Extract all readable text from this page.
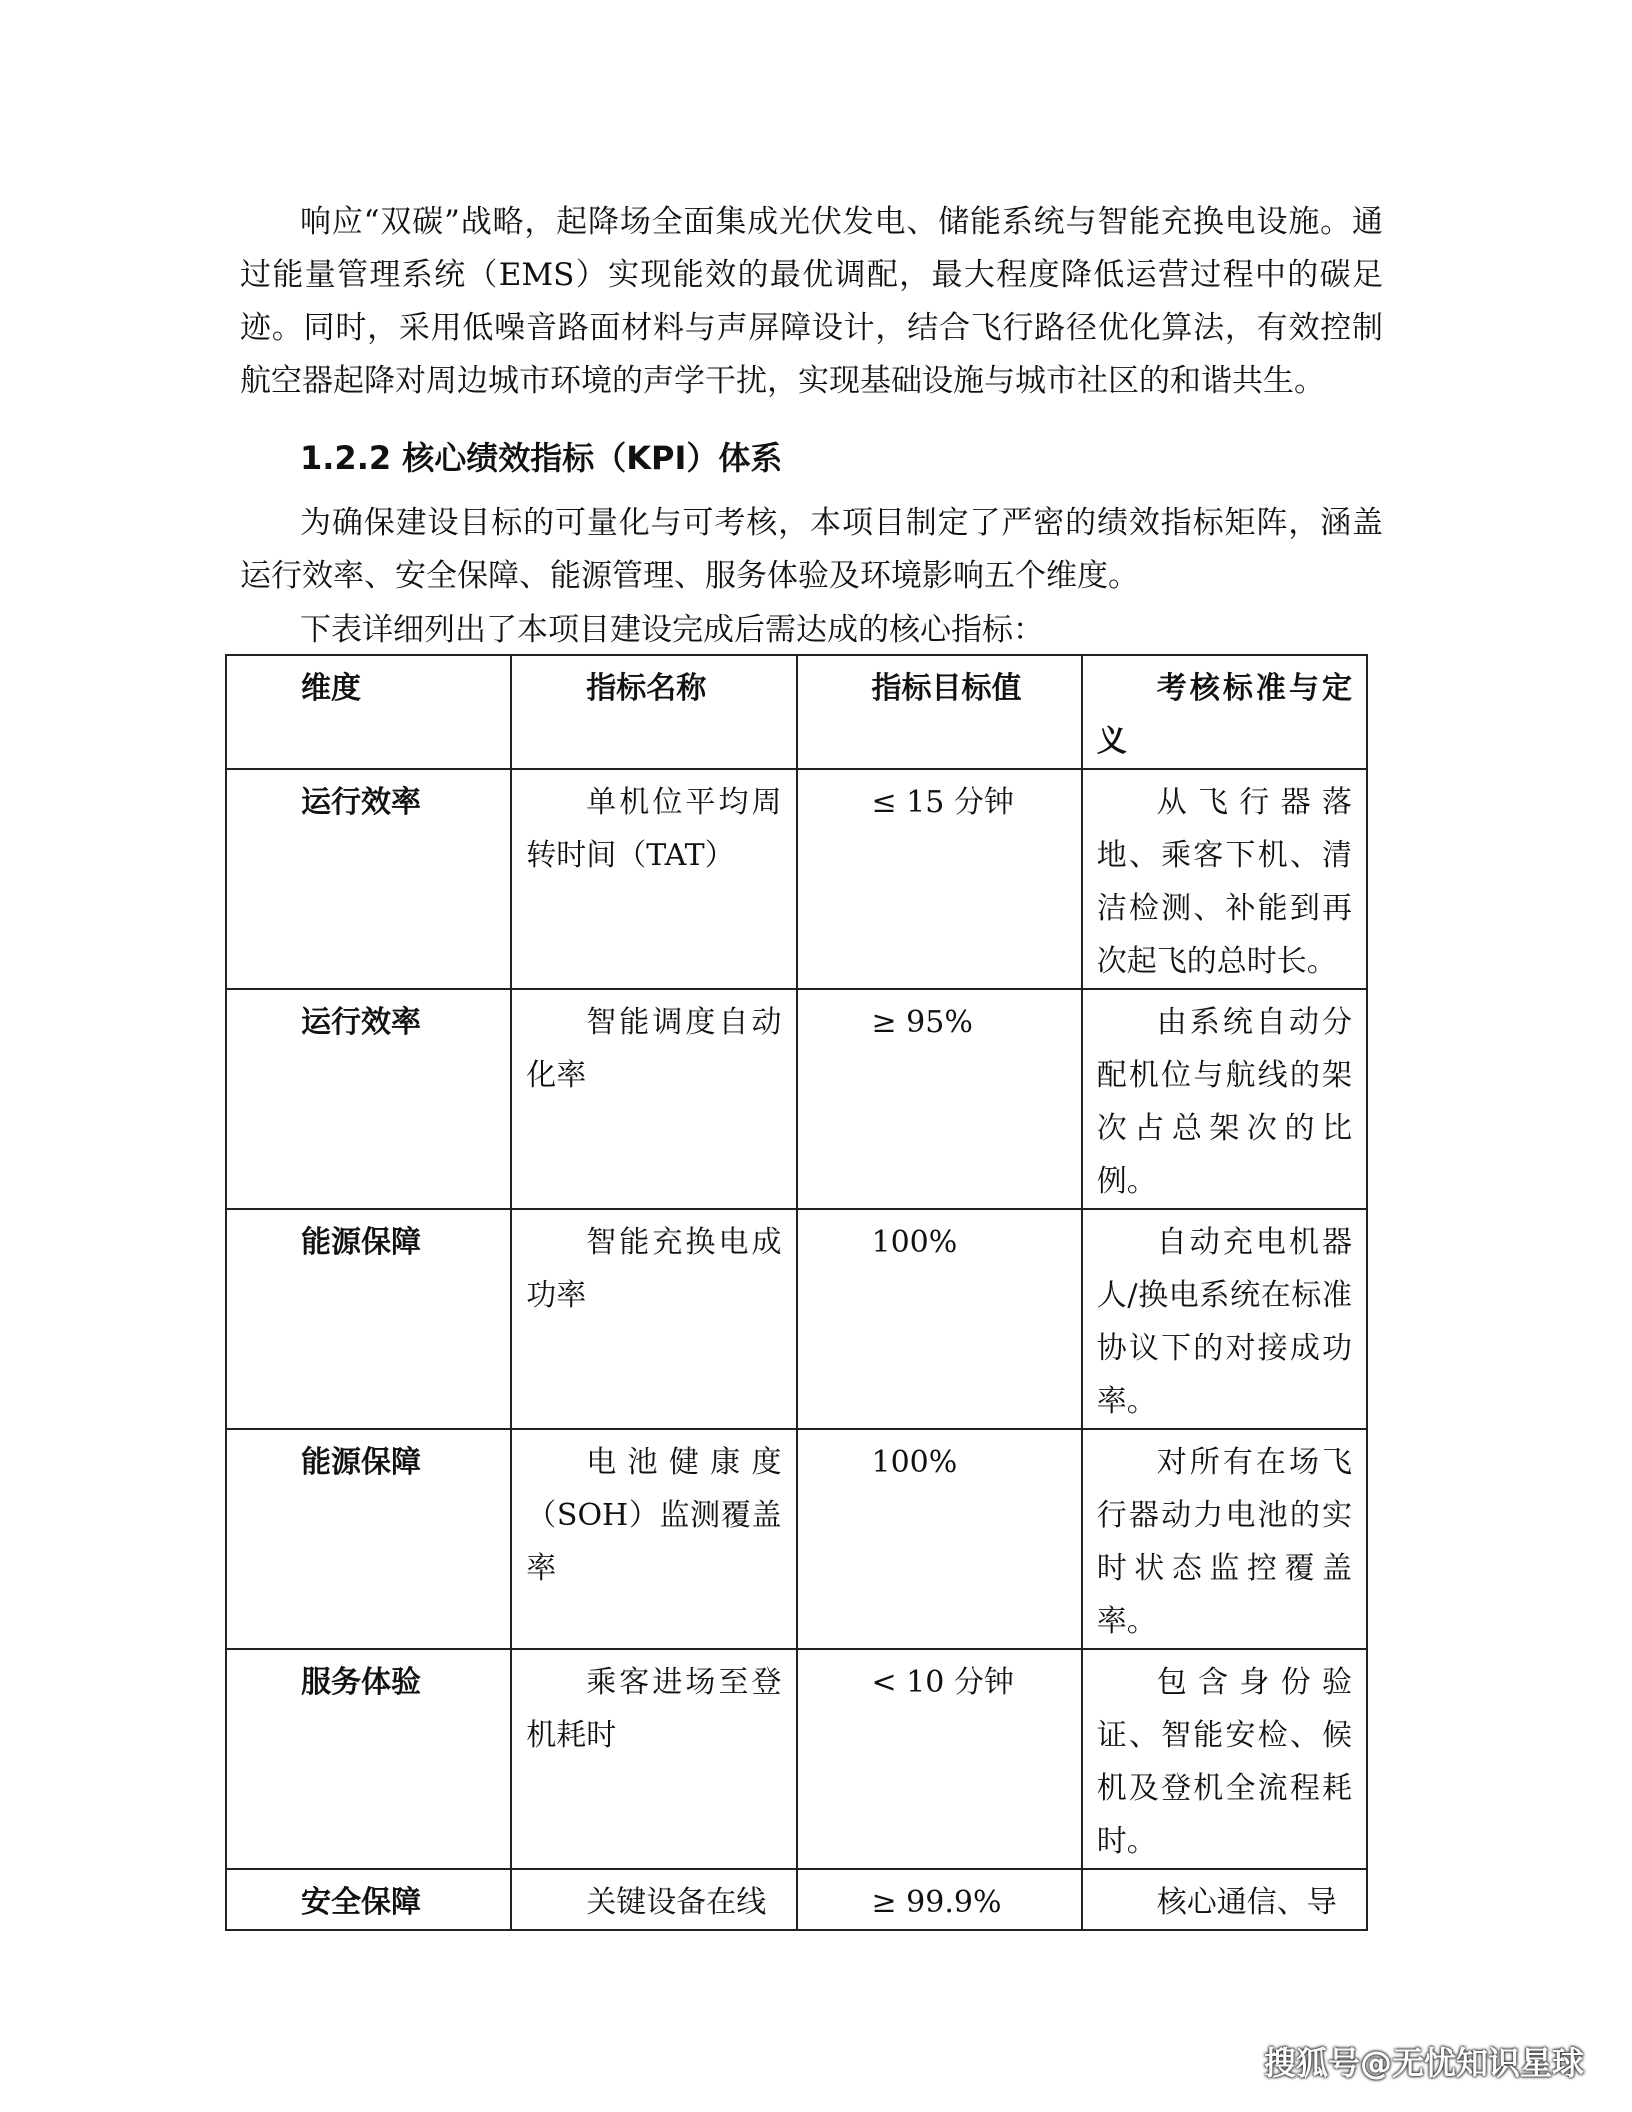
响应“双碳”战略，起降场全面集成光伏发电、储能系统与智能充换电设施。通过能量管理系统（EMS）实现能效的最优调配，最大程度降低运营过程中的碳足迹。同时，采用低噪音路面材料与声屏障设计，结合飞行路径优化算法，有效控制航空器起降对周边城市环境的声学干扰，实现基础设施与城市社区的和谐共生。

1.2.2 核心绩效指标（KPI）体系

为确保建设目标的可量化与可考核，本项目制定了严密的绩效指标矩阵，涵盖运行效率、安全保障、能源管理、服务体验及环境影响五个维度。

下表详细列出了本项目建设完成后需达成的核心指标：

维度	指标名称	指标目标值	考核标准与定义
运行效率	单机位平均周转时间（TAT）	≤ 15 分钟	从飞行器落地、乘客下机、清洁检测、补能到再次起飞的总时长。
运行效率	智能调度自动化率	≥ 95%	由系统自动分配机位与航线的架次占总架次的比例。
能源保障	智能充换电成功率	100%	自动充电机器人/换电系统在标准协议下的对接成功率。
能源保障	电池健康度（SOH）监测覆盖率	100%	对所有在场飞行器动力电池的实时状态监控覆盖率。
服务体验	乘客进场至登机耗时	< 10 分钟	包含身份验证、智能安检、候机及登机全流程耗时。
安全保障	关键设备在线	≥ 99.9%	核心通信、导
搜狐号@无忧知识星球
